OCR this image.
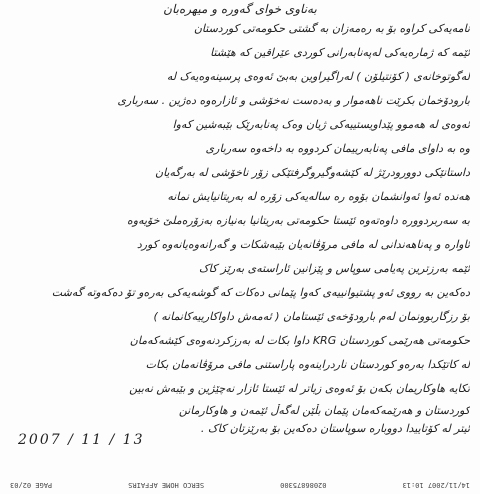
بەناوی خوای گەورە و میهرەبان
نامەیەکی کراوە بۆ بە رەمەزان بە گشتی حکومەتی کوردستان
ئێمە کە ژمارەیەکی لەپەنابەرانی کوردی عێراقین کە هێشتا
لەگوتوخانەی ( کۆنتیلۆن ) لەراگیراوین بەبێ ئەوەی پرسینەوەیەک لە
بارودۆخمان بکرێت ناهەموار و بەدەست نەخۆشی و ئازارەوە دەژین . سەرباری
ئەوەی لە هەموو پێداویستییەکی ژیان وەک پەنابەرێک بێبەشین کەوا
وە بە داوای مافی پەنابەرییمان کردووە بە داخەوە سەرباری
داستانێکی دوورودرێژ لە کێشەوگیروگرفتێکی زۆر ناخۆشی لە بەرگەیان
هەندە ئەوا ئەوانشمان بۆوە رە سالەیەکی زۆرە لە بەریتانیایش نمانە
بە سەربردوورە داوەتەوە ئێستا حکومەتی بەریتانیا بەنیازە بەزۆرەملێ خۆیەوە
ئاوارە و پەناهەندانی لە مافی مرۆڤانەیان بێبەشکات و گەرانەوەیانەوە کورد
ئێمە بەرزترین پەیامی سوپاس و پێزانین ئاراستەی بەرێز کاک
دەکەین بە رووی ئەو پشتیوانییەی کەوا پێمانی دەکات کە گوشەیەکی بەرەو تۆ دەکەوتە گەشت
بۆ رزگاربوونمان لەم بارودۆخەی ئێستامان ( ئەمەش داواکارییەکانمانە )
حکومەتی هەرێمی کوردستان KRG داوا بکات لە بەرزکردنەوەی کێشەکەمان
لە کاتێکدا بەرەو کوردستان ناردراینەوە پاراستنی مافی مرۆڤانەمان بکات
تکایە هاوکاریمان بکەن بۆ ئەوەی زیاتر لە ئێستا ئازار نەچێژین و بێبەش نەبین
کوردستان و هەرێمەکەمان پێمان بڵێن لەگەڵ ئێمەن و هاوکارمانن
ئیتر لە کۆتاییدا دووبارە سوپاستان دەکەین بۆ بەرێزتان کاک .
2007 / 11 / 13
14/11/2007 10:13
02086875300
SERCO HOME AFFAIRS
PAGE 02/03
